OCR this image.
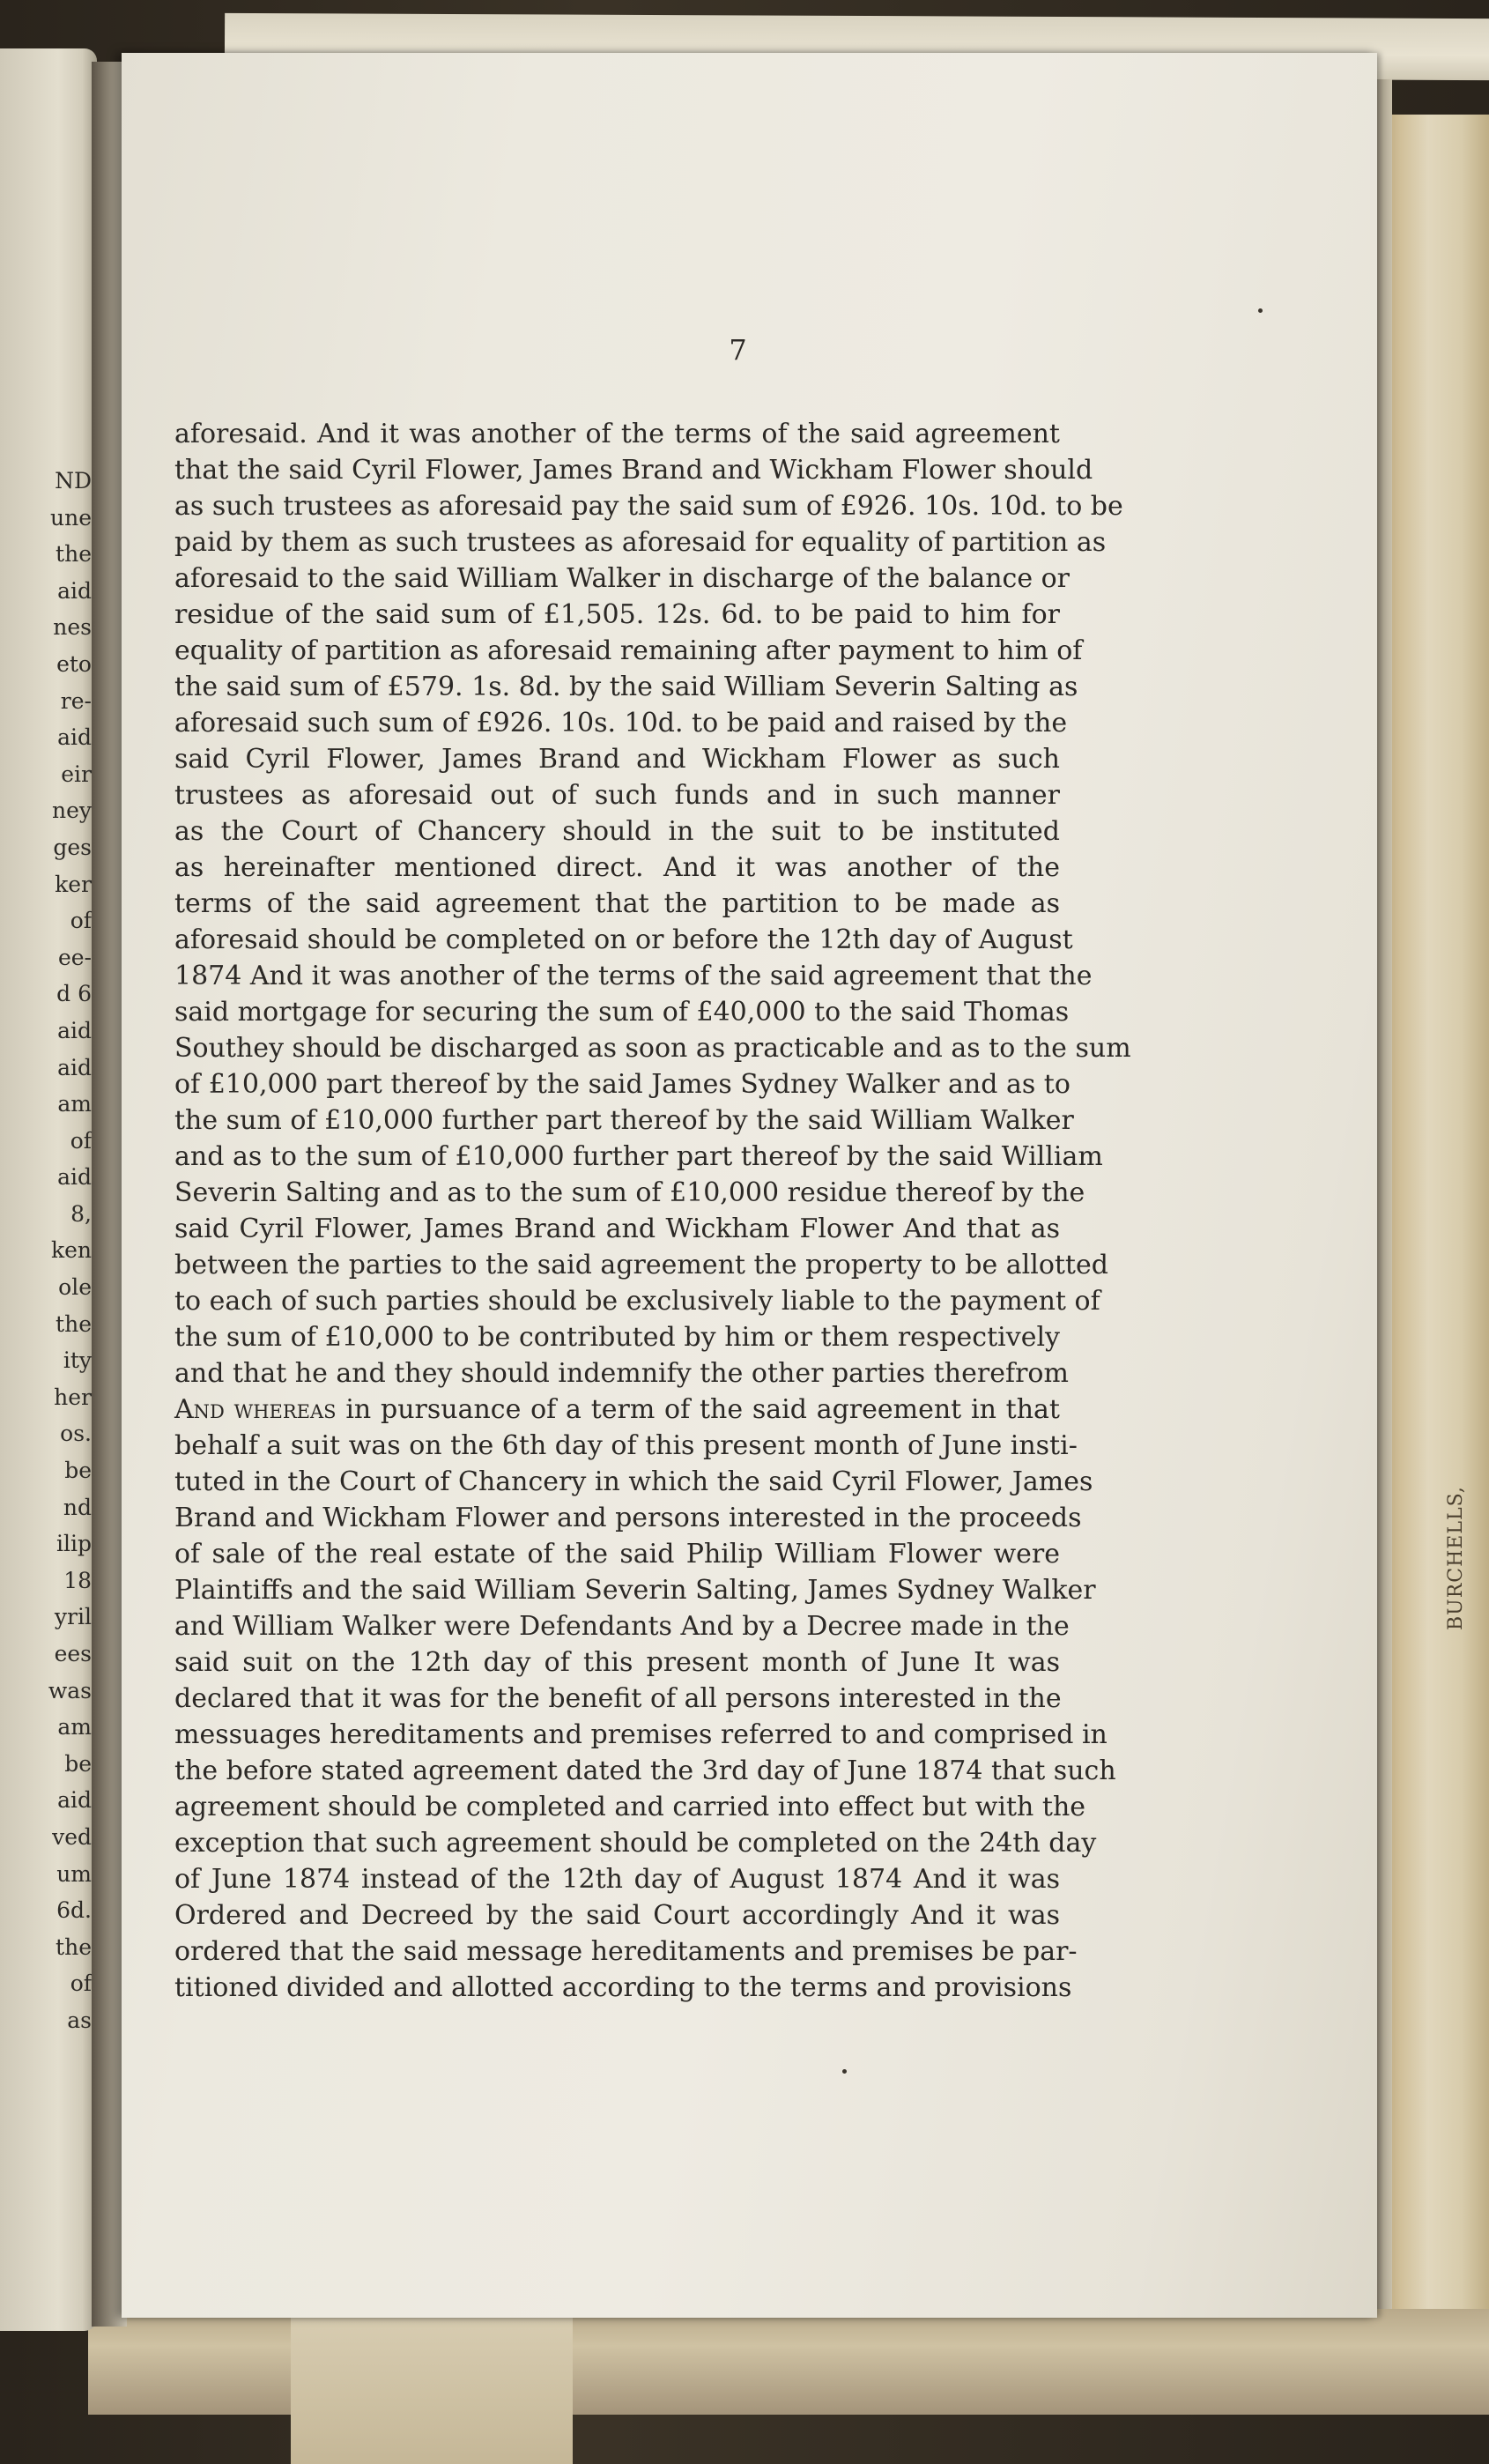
BURCHELLS,
ND
une
the
aid
nes
eto
re-
aid
eir
ney
ges
ker
of
ee-
d 6
aid
aid
am
of
aid
8,
ken
ole
the
ity
her
os.
be
nd
ilip
18
yril
ees
was
am
be
aid
ved
um
6d.
the
of
as
7
aforesaid. And it was another of the terms of the said agreement
that the said Cyril Flower, James Brand and Wickham Flower should
as such trustees as aforesaid pay the said sum of £926. 10s. 10d. to be
paid by them as such trustees as aforesaid for equality of partition as
aforesaid to the said William Walker in discharge of the balance or
residue of the said sum of £1,505. 12s. 6d. to be paid to him for
equality of partition as aforesaid remaining after payment to him of
the said sum of £579. 1s. 8d. by the said William Severin Salting as
aforesaid such sum of £926. 10s. 10d. to be paid and raised by the
said Cyril Flower, James Brand and Wickham Flower as such
trustees as aforesaid out of such funds and in such manner
as the Court of Chancery should in the suit to be instituted
as hereinafter mentioned direct. And it was another of the
terms of the said agreement that the partition to be made as
aforesaid should be completed on or before the 12th day of August
1874 And it was another of the terms of the said agreement that the
said mortgage for securing the sum of £40,000 to the said Thomas
Southey should be discharged as soon as practicable and as to the sum
of £10,000 part thereof by the said James Sydney Walker and as to
the sum of £10,000 further part thereof by the said William Walker
and as to the sum of £10,000 further part thereof by the said William
Severin Salting and as to the sum of £10,000 residue thereof by the
said Cyril Flower, James Brand and Wickham Flower And that as
between the parties to the said agreement the property to be allotted
to each of such parties should be exclusively liable to the payment of
the sum of £10,000 to be contributed by him or them respectively
and that he and they should indemnify the other parties therefrom
And whereas in pursuance of a term of the said agreement in that
behalf a suit was on the 6th day of this present month of June insti-
tuted in the Court of Chancery in which the said Cyril Flower, James
Brand and Wickham Flower and persons interested in the proceeds
of sale of the real estate of the said Philip William Flower were
Plaintiffs and the said William Severin Salting, James Sydney Walker
and William Walker were Defendants And by a Decree made in the
said suit on the 12th day of this present month of June It was
declared that it was for the benefit of all persons interested in the
messuages hereditaments and premises referred to and comprised in
the before stated agreement dated the 3rd day of June 1874 that such
agreement should be completed and carried into effect but with the
exception that such agreement should be completed on the 24th day
of June 1874 instead of the 12th day of August 1874 And it was
Ordered and Decreed by the said Court accordingly And it was
ordered that the said message hereditaments and premises be par-
titioned divided and allotted according to the terms and provisions
